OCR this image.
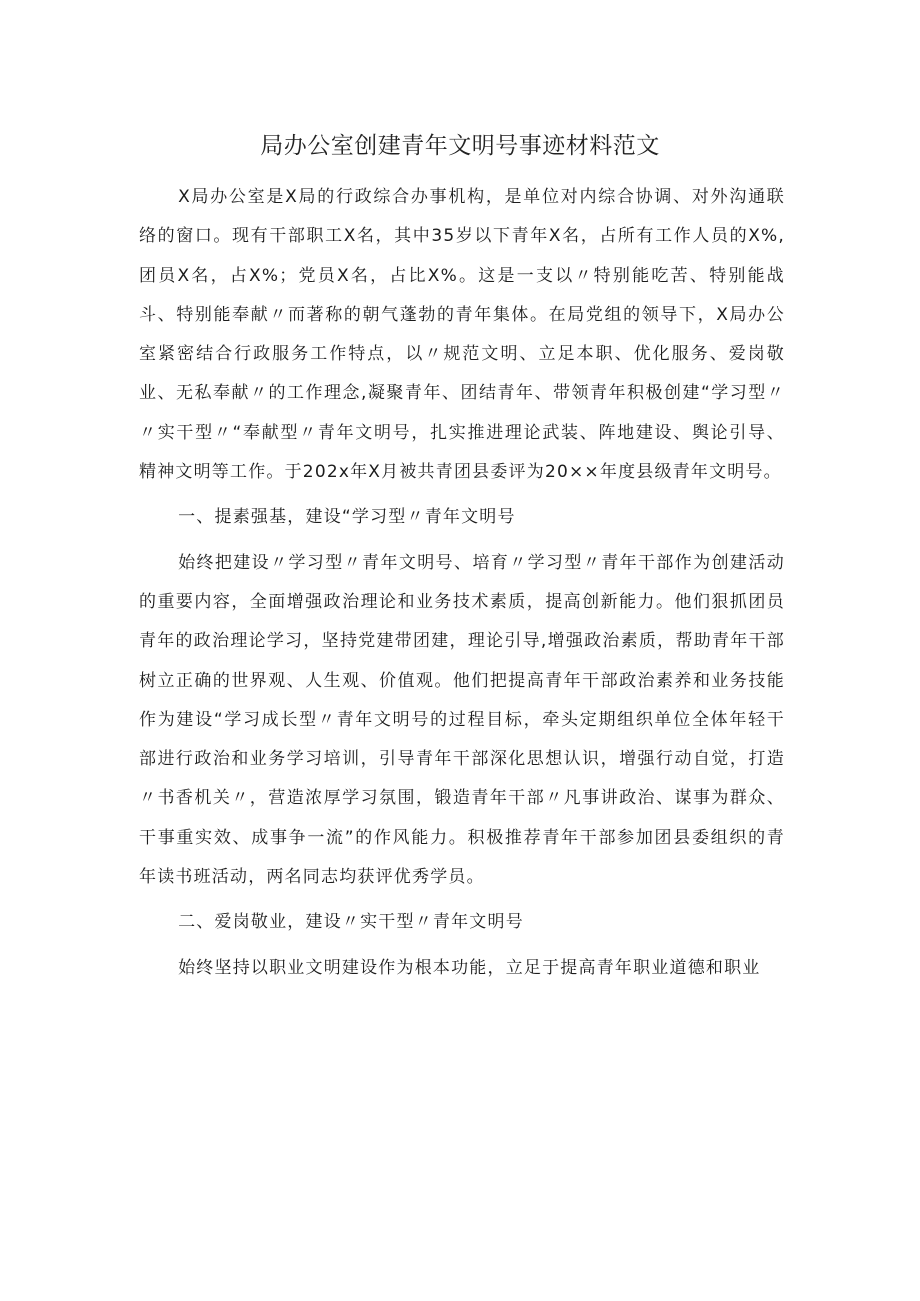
局办公室创建青年文明号事迹材料范文

X局办公室是X局的行政综合办事机构，是单位对内综合协调、对外沟通联络的窗口。现有干部职工X名，其中35岁以下青年X名，占所有工作人员的X%,团员X名，占X%；党员X名，占比X%。这是一支以〃特别能吃苦、特别能战斗、特别能奉献〃而著称的朝气蓬勃的青年集体。在局党组的领导下，X局办公室紧密结合行政服务工作特点，以〃规范文明、立足本职、优化服务、爱岗敬业、无私奉献〃的工作理念,凝聚青年、团结青年、带领青年积极创建“学习型〃〃实干型〃“奉献型〃青年文明号，扎实推进理论武装、阵地建设、舆论引导、精神文明等工作。于202x年X月被共青团县委评为20××年度县级青年文明号。

一、提素强基，建设“学习型〃青年文明号

始终把建设〃学习型〃青年文明号、培育〃学习型〃青年干部作为创建活动的重要内容，全面增强政治理论和业务技术素质，提高创新能力。他们狠抓团员青年的政治理论学习，坚持党建带团建，理论引导,增强政治素质，帮助青年干部树立正确的世界观、人生观、价值观。他们把提高青年干部政治素养和业务技能作为建设“学习成长型〃青年文明号的过程目标，牵头定期组织单位全体年轻干部进行政治和业务学习培训，引导青年干部深化思想认识，增强行动自觉，打造〃书香机关〃，营造浓厚学习氛围，锻造青年干部〃凡事讲政治、谋事为群众、干事重实效、成事争一流”的作风能力。积极推荐青年干部参加团县委组织的青年读书班活动，两名同志均获评优秀学员。

二、爱岗敬业，建设〃实干型〃青年文明号

始终坚持以职业文明建设作为根本功能，立足于提高青年职业道德和职业
